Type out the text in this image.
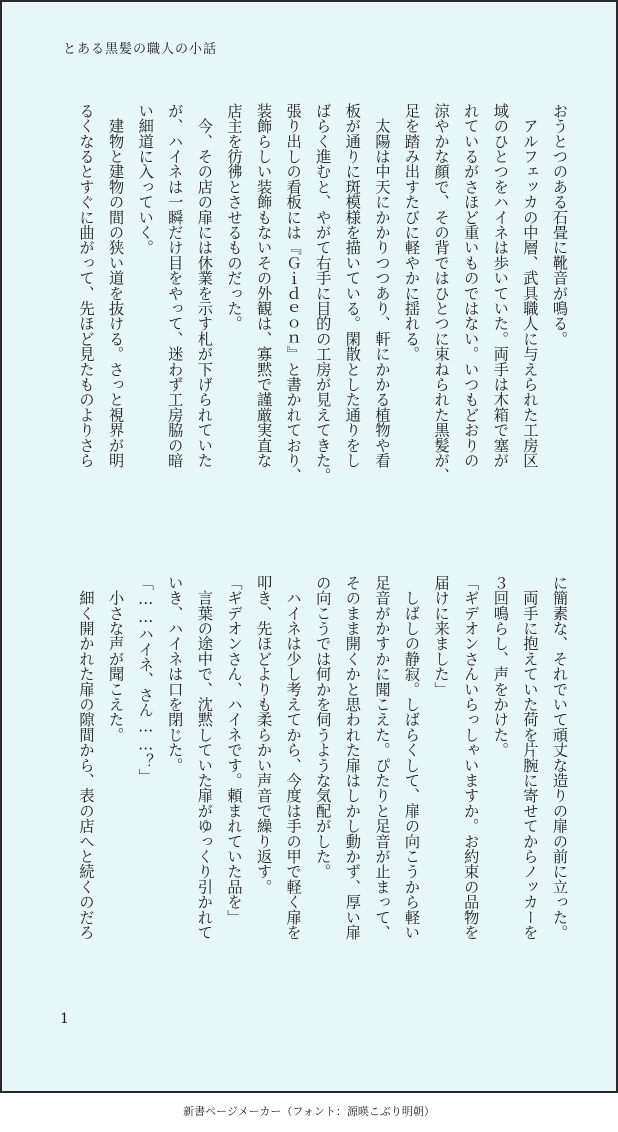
とある黒髪の職人の小話
おうとつのある石畳に靴音が鳴る。
　アルフェッカの中層、武具職人に与えられた工房区
域のひとつをハイネは歩いていた。両手は木箱で塞が
れているがさほど重いものではない。いつもどおりの
涼やかな顔で、その背ではひとつに束ねられた黒髪が、
足を踏み出すたびに軽やかに揺れる。
　太陽は中天にかかりつつあり、軒にかかる植物や看
板が通りに斑模様を描いている。閑散とした通りをし
ばらく進むと、やがて右手に目的の工房が見えてきた。
張り出しの看板には『Ｇｉｄｅｏｎ』と書かれており、
装飾らしい装飾もないその外観は、寡黙で謹厳実直な
店主を彷彿とさせるものだった。
　今、その店の扉には休業を示す札が下げられていた
が、ハイネは一瞬だけ目をやって、迷わず工房脇の暗
い細道に入っていく。
　建物と建物の間の狭い道を抜ける。さっと視界が明
るくなるとすぐに曲がって、先ほど見たものよりさら
に簡素な、それでいて頑丈な造りの扉の前に立った。
　両手に抱えていた荷を片腕に寄せてからノッカーを
３回鳴らし、声をかけた。
「ギデオンさんいらっしゃいますか。お約束の品物を
届けに来ました」
　しばしの静寂。しばらくして、扉の向こうから軽い
足音がかすかに聞こえた。ぴたりと足音が止まって、
そのまま開くかと思われた扉はしかし動かず、厚い扉
の向こうでは何かを伺うような気配がした。
　ハイネは少し考えてから、今度は手の甲で軽く扉を
叩き、先ほどよりも柔らかい声音で繰り返す。
「ギデオンさん、ハイネです。頼まれていた品を」
　言葉の途中で、沈黙していた扉がゆっくり引かれて
いき、ハイネは口を閉じた。
「……ハイネ、さん……？」
　小さな声が聞こえた。
　細く開かれた扉の隙間から、表の店へと続くのだろ
1
新書ページメーカー（フォント：源暎こぶり明朝）
